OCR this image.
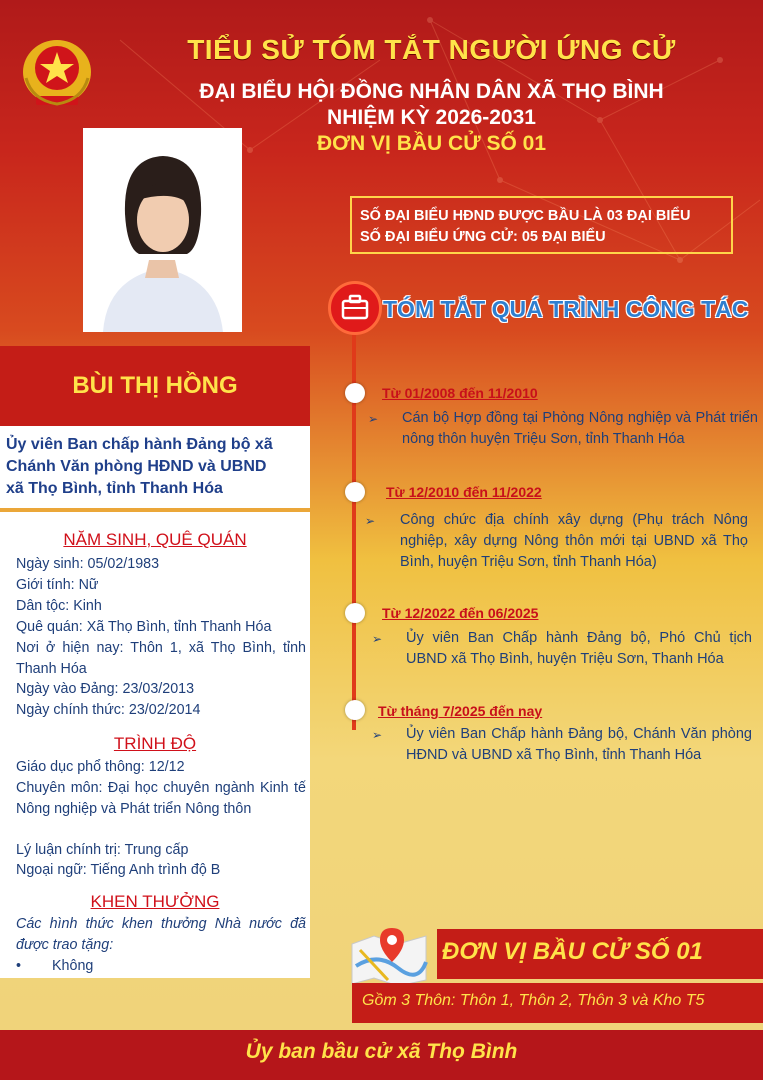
TIỂU SỬ TÓM TẮT NGƯỜI ỨNG CỬ
ĐẠI BIỂU HỘI ĐỒNG NHÂN DÂN XÃ THỌ BÌNH
NHIỆM KỲ 2026-2031
ĐƠN VỊ BẦU CỬ SỐ 01
SỐ ĐẠI BIỂU HĐND ĐƯỢC BẦU LÀ 03 ĐẠI BIỂU
SỐ ĐẠI BIỂU ỨNG CỬ: 05 ĐẠI BIỂU
TÓM TẮT QUÁ TRÌNH CÔNG TÁC
Từ 01/2008 đến 11/2010
➢ Cán bộ Hợp đồng tại Phòng Nông nghiệp và Phát triển nông thôn huyện Triệu Sơn, tỉnh Thanh Hóa
Từ 12/2010 đến 11/2022
➢ Công chức địa chính xây dựng (Phụ trách Nông nghiệp, xây dựng Nông thôn mới tại UBND xã Thọ Bình, huyện Triệu Sơn, tỉnh Thanh Hóa)
Từ 12/2022 đến 06/2025
➢ Ủy viên Ban Chấp hành Đảng bộ, Phó Chủ tịch UBND xã Thọ Bình, huyện Triệu Sơn, Thanh Hóa
Từ tháng 7/2025 đến nay
➢ Ủy viên Ban Chấp hành Đảng bộ, Chánh Văn phòng HĐND và UBND xã Thọ Bình, tỉnh Thanh Hóa
BÙI THỊ HỒNG
Ủy viên Ban chấp hành Đảng bộ xã
Chánh Văn phòng HĐND và UBND
xã Thọ Bình, tỉnh Thanh Hóa
NĂM SINH, QUÊ QUÁN
Ngày sinh: 05/02/1983
Giới tính: Nữ
Dân tộc: Kinh
Quê quán: Xã Thọ Bình, tỉnh Thanh Hóa
Nơi ở hiện nay: Thôn 1, xã Thọ Bình, tỉnh Thanh Hóa
Ngày vào Đảng: 23/03/2013
Ngày chính thức: 23/02/2014
TRÌNH ĐỘ
Giáo dục phổ thông: 12/12
Chuyên môn: Đại học chuyên ngành Kinh tế Nông nghiệp và Phát triển Nông thôn
Lý luận chính trị: Trung cấp
Ngoại ngữ: Tiếng Anh trình độ B
KHEN THƯỞNG
Các hình thức khen thưởng Nhà nước đã được trao tặng:
• Không
ĐƠN VỊ BẦU CỬ SỐ 01
Gồm 3 Thôn: Thôn 1, Thôn 2, Thôn 3 và Kho T5
Ủy ban bầu cử xã Thọ Bình
